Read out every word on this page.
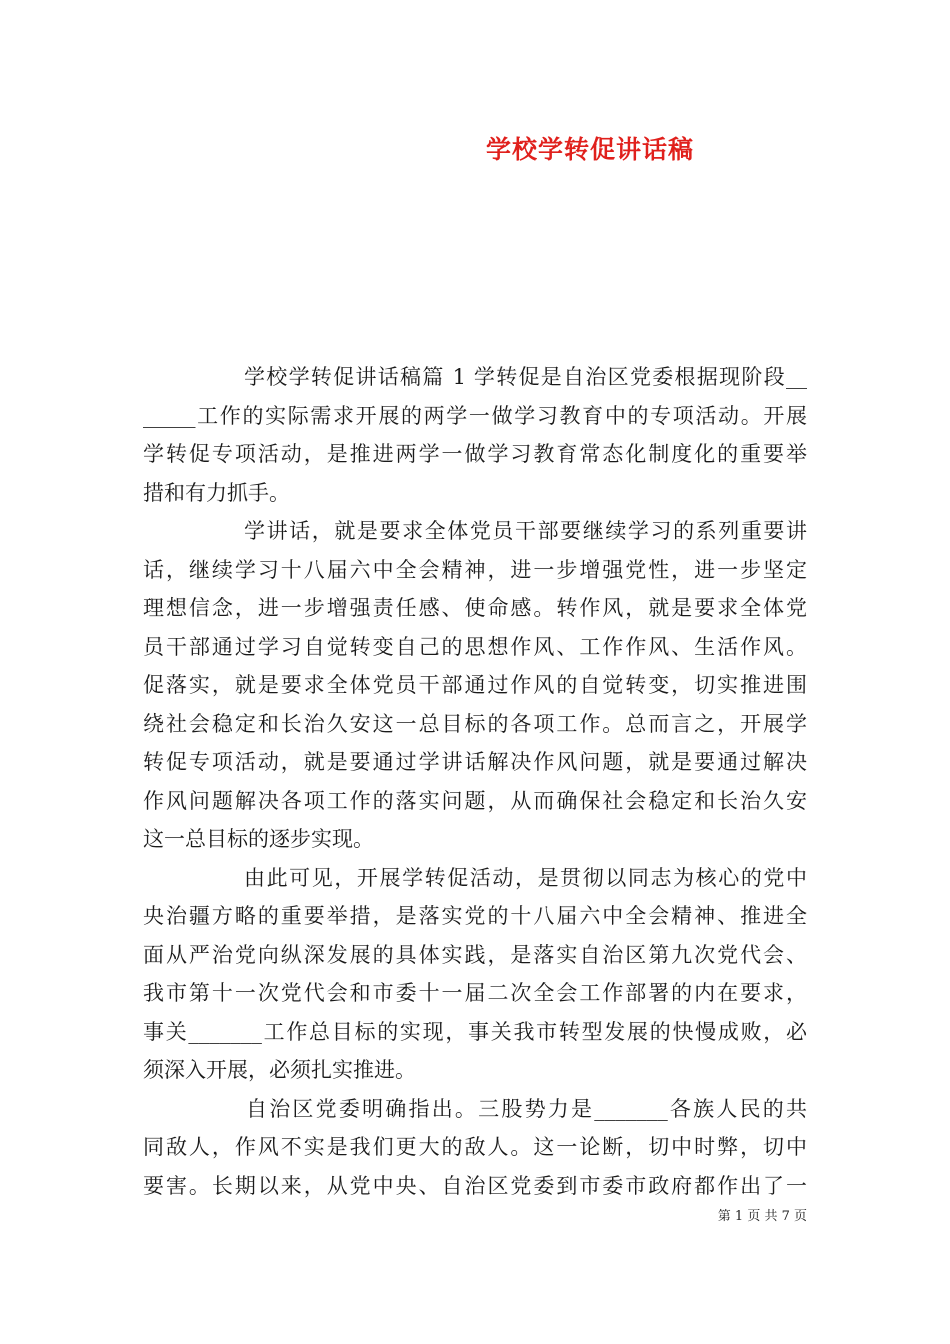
学校学转促讲话稿
学校学转促讲话稿篇 1 学转促是自治区党委根据现阶段__
_____工作的实际需求开展的两学一做学习教育中的专项活动。开展
学转促专项活动，是推进两学一做学习教育常态化制度化的重要举
措和有力抓手。
学讲话，就是要求全体党员干部要继续学习的系列重要讲
话，继续学习十八届六中全会精神，进一步增强党性，进一步坚定
理想信念，进一步增强责任感、使命感。转作风，就是要求全体党
员干部通过学习自觉转变自己的思想作风、工作作风、生活作风。
促落实，就是要求全体党员干部通过作风的自觉转变，切实推进围
绕社会稳定和长治久安这一总目标的各项工作。总而言之，开展学
转促专项活动，就是要通过学讲话解决作风问题，就是要通过解决
作风问题解决各项工作的落实问题，从而确保社会稳定和长治久安
这一总目标的逐步实现。
由此可见，开展学转促活动，是贯彻以同志为核心的党中
央治疆方略的重要举措，是落实党的十八届六中全会精神、推进全
面从严治党向纵深发展的具体实践，是落实自治区第九次党代会、
我市第十一次党代会和市委十一届二次全会工作部署的内在要求，
事关_______工作总目标的实现，事关我市转型发展的快慢成败，必
须深入开展，必须扎实推进。
自治区党委明确指出。三股势力是_______各族人民的共
同敌人，作风不实是我们更大的敌人。这一论断，切中时弊，切中
要害。长期以来，从党中央、自治区党委到市委市政府都作出了一
第 1 页 共 7 页
